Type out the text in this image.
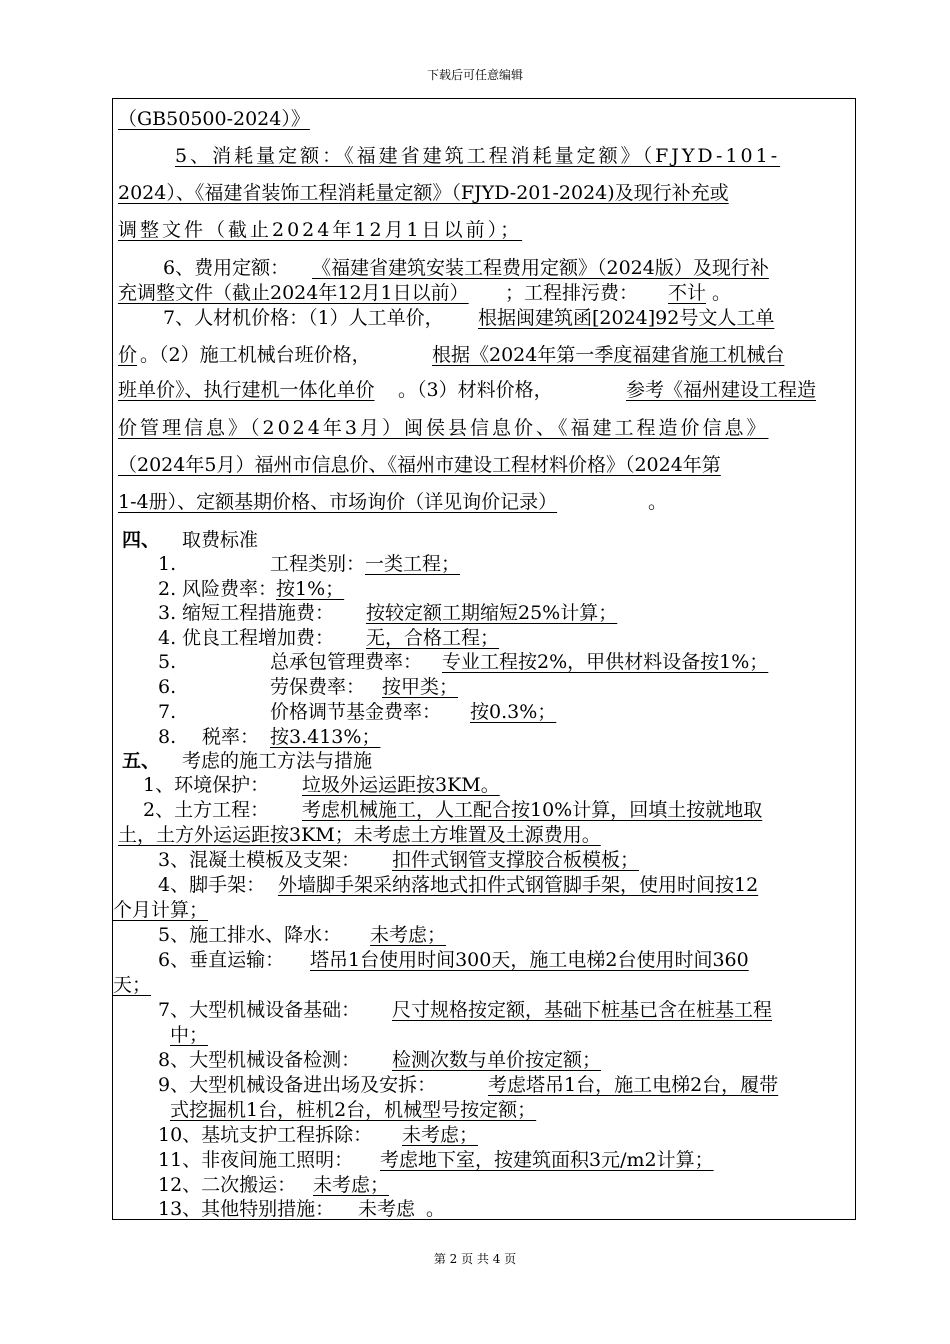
下载后可任意编辑
（GB50500-2024）》
5、消耗量定额：《福建省建筑工程消耗量定额》（FJYD-101-
2024）、《福建省装饰工程消耗量定额》（FJYD-201-2024)及现行补充或
调整文件（截止2024年12月1日以前）；
6、费用定额： 《福建省建筑安装工程费用定额》（2024版）及现行补
充调整文件（截止2024年12月1日以前） ；工程排污费： 不计 。
7、人材机价格：（1）人工单价， 根据闽建筑函[2024]92号文人工单
价 。（2）施工机械台班价格，	根据《2024年第一季度福建省施工机械台
班单价》、执行建机一体化单价 。（3）材料价格，	参考《福州建设工程造
价管理信息》（2024年3月）闽侯县信息价、《福建工程造价信息》
（2024年5月）福州市信息价、《福州市建设工程材料价格》（2024年第
1-4册）、定额基期价格、市场询价（详见询价记录）	。
四、 取费标准
1.	工程类别： 一类工程；
2. 风险费率：
按1%；
3. 缩短工程措施费： 按较定额工期缩短25%计算；
4. 优良工程增加费： 无，合格工程；
5.	总承包管理费率： 专业工程按2%，甲供材料设备按1%；
6.	劳保费率： 按甲类；
7.	价格调节基金费率： 按0.3%；
8. 税率： 按3.413%；
五、 考虑的施工方法与措施
1、环境保护： 垃圾外运运距按3KM。
2、土方工程： 考虑机械施工，人工配合按10%计算，回填土按就地取
土，土方外运运距按3KM；未考虑土方堆置及土源费用。
3、混凝土模板及支架： 扣件式钢管支撑胶合板模板；
4、脚手架： 外墙脚手架采纳落地式扣件式钢管脚手架，使用时间按12
个月计算；
5、施工排水、降水： 未考虑；
6、垂直运输： 塔吊1台使用时间300天，施工电梯2台使用时间360
天；
7、大型机械设备基础： 尺寸规格按定额，基础下桩基已含在桩基工程
中；
8、大型机械设备检测： 检测次数与单价按定额；
9、大型机械设备进出场及安拆：	考虑塔吊1台，施工电梯2台，履带
式挖掘机1台，桩机2台，机械型号按定额；
10、基坑支护工程拆除： 未考虑；
11、非夜间施工照明： 考虑地下室，按建筑面积3元/m2计算；
12、二次搬运： 未考虑；
13、其他特别措施： 未考虑 。
第 2 页 共 4 页
